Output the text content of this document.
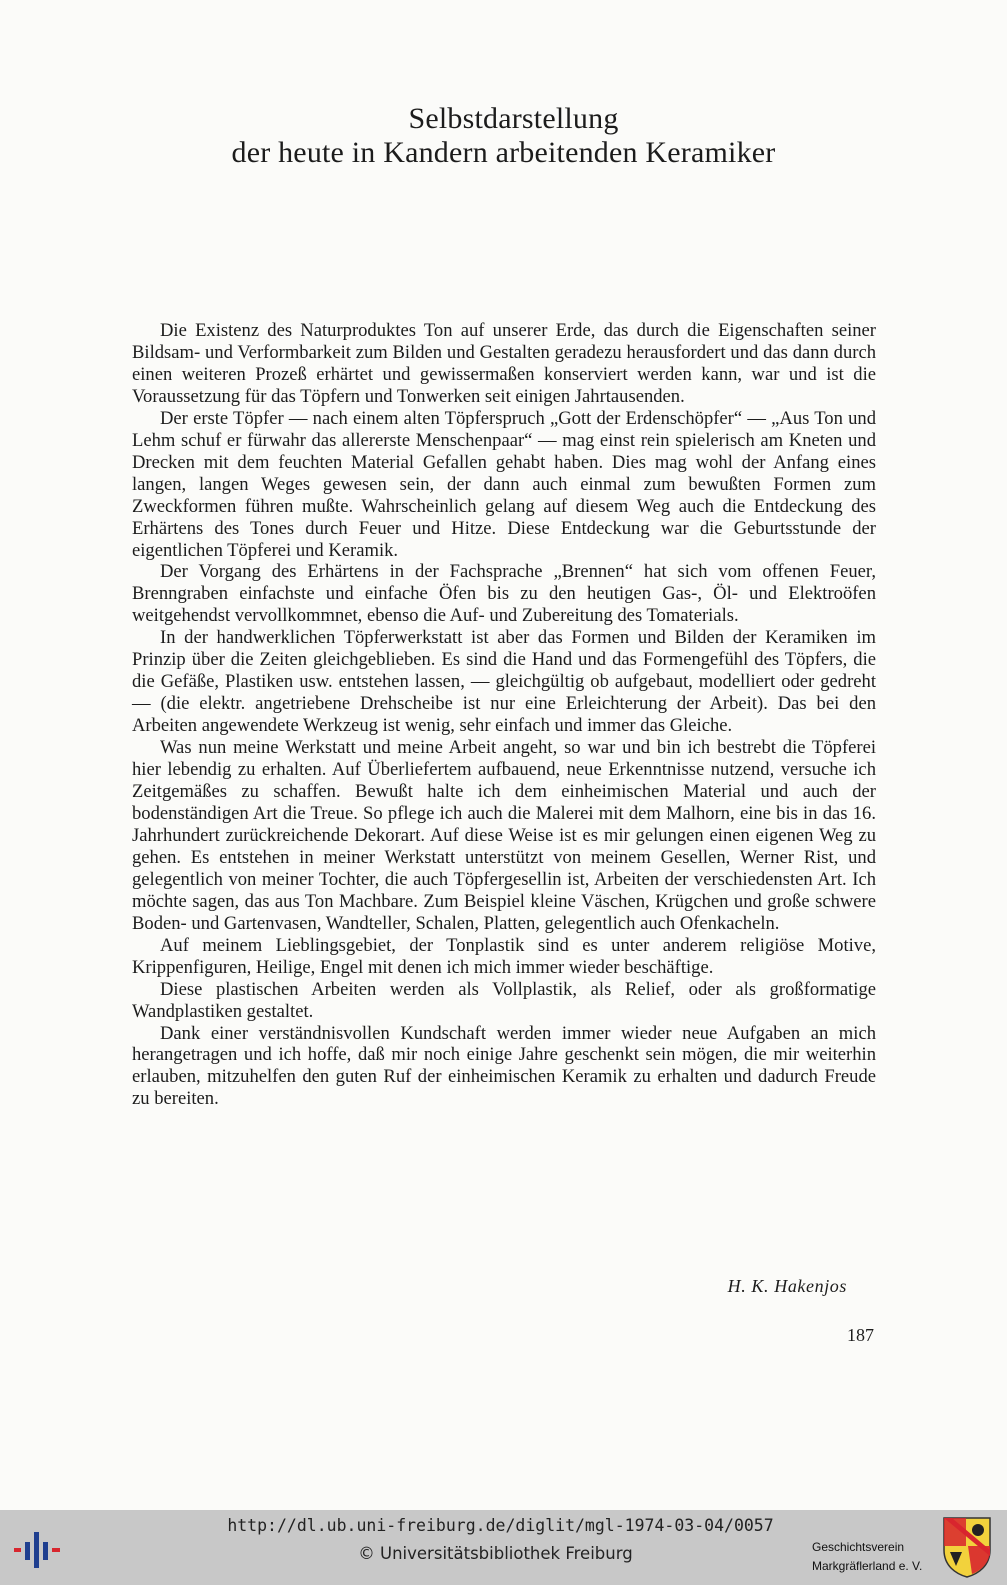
Selbstdarstellung
der heute in Kandern arbeitenden Keramiker

Die Existenz des Naturproduktes Ton auf unserer Erde, das durch die Eigenschaften seiner Bildsam- und Verformbarkeit zum Bilden und Gestalten geradezu herausfordert und das dann durch einen weiteren Prozeß erhärtet und gewissermaßen konserviert werden kann, war und ist die Voraussetzung für das Töpfern und Tonwerken seit einigen Jahrtausenden.

Der erste Töpfer — nach einem alten Töpferspruch „Gott der Erdenschöpfer“ — „Aus Ton und Lehm schuf er fürwahr das allererste Menschenpaar“ — mag einst rein spielerisch am Kneten und Drecken mit dem feuchten Material Gefallen gehabt haben. Dies mag wohl der Anfang eines langen, langen Weges gewesen sein, der dann auch einmal zum bewußten Formen zum Zweckformen führen mußte. Wahrscheinlich gelang auf diesem Weg auch die Entdeckung des Erhärtens des Tones durch Feuer und Hitze. Diese Entdeckung war die Geburtsstunde der eigentlichen Töpferei und Keramik.

Der Vorgang des Erhärtens in der Fachsprache „Brennen“ hat sich vom offenen Feuer, Brenngraben einfachste und einfache Öfen bis zu den heutigen Gas-, Öl- und Elektroöfen weitgehendst vervollkommnet, ebenso die Auf- und Zubereitung des Tomaterials.

In der handwerklichen Töpferwerkstatt ist aber das Formen und Bilden der Keramiken im Prinzip über die Zeiten gleichgeblieben. Es sind die Hand und das Formengefühl des Töpfers, die die Gefäße, Plastiken usw. entstehen lassen, — gleichgültig ob aufgebaut, modelliert oder gedreht — (die elektr. angetriebene Drehscheibe ist nur eine Erleichterung der Arbeit). Das bei den Arbeiten angewendete Werkzeug ist wenig, sehr einfach und immer das Gleiche.

Was nun meine Werkstatt und meine Arbeit angeht, so war und bin ich bestrebt die Töpferei hier lebendig zu erhalten. Auf Überliefertem aufbauend, neue Erkenntnisse nutzend, versuche ich Zeitgemäßes zu schaffen. Bewußt halte ich dem einheimischen Material und auch der bodenständigen Art die Treue. So pflege ich auch die Malerei mit dem Malhorn, eine bis in das 16. Jahrhundert zurückreichende Dekorart. Auf diese Weise ist es mir gelungen einen eigenen Weg zu gehen. Es entstehen in meiner Werkstatt unterstützt von meinem Gesellen, Werner Rist, und gelegentlich von meiner Tochter, die auch Töpfergesellin ist, Arbeiten der verschiedensten Art. Ich möchte sagen, das aus Ton Machbare. Zum Beispiel kleine Väschen, Krügchen und große schwere Boden- und Gartenvasen, Wandteller, Schalen, Platten, gelegentlich auch Ofenkacheln.

Auf meinem Lieblingsgebiet, der Tonplastik sind es unter anderem religiöse Motive, Krippenfiguren, Heilige, Engel mit denen ich mich immer wieder beschäftige.

Diese plastischen Arbeiten werden als Vollplastik, als Relief, oder als großformatige Wandplastiken gestaltet.

Dank einer verständnisvollen Kundschaft werden immer wieder neue Aufgaben an mich herangetragen und ich hoffe, daß mir noch einige Jahre geschenkt sein mögen, die mir weiterhin erlauben, mitzuhelfen den guten Ruf der einheimischen Keramik zu erhalten und dadurch Freude zu bereiten.

H. K. Hakenjos
187
http://dl.ub.uni-freiburg.de/diglit/mgl-1974-03-04/0057
© Universitätsbibliothek Freiburg	Geschichtsverein
Markgräflerland e. V.
